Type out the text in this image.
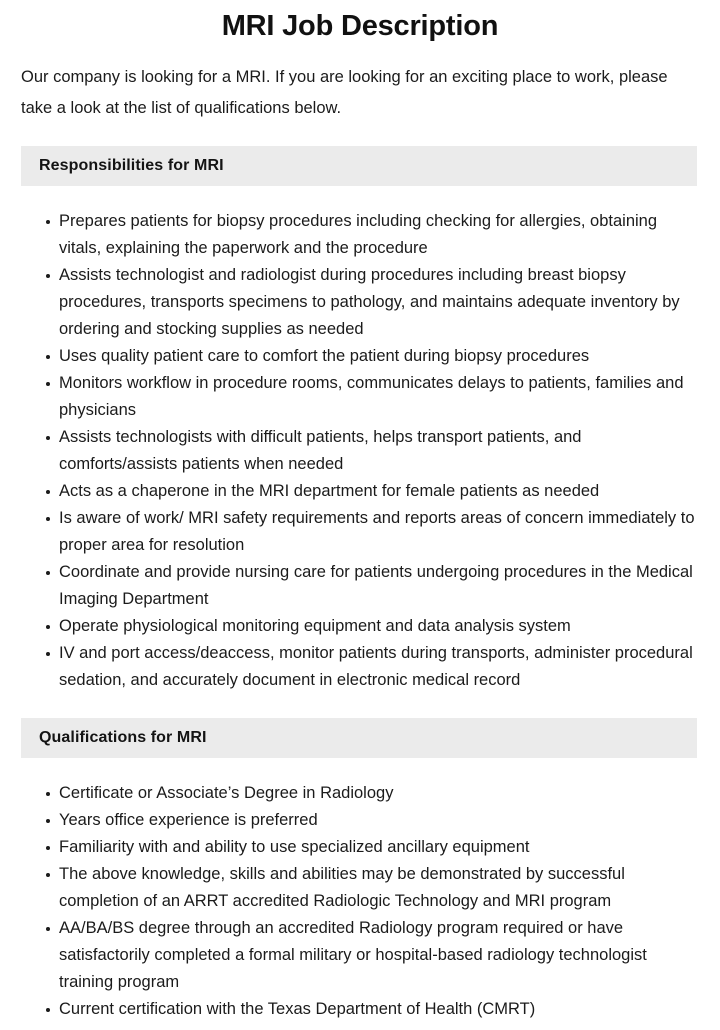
MRI Job Description

Our company is looking for a MRI. If you are looking for an exciting place to work, please take a look at the list of qualifications below.

Responsibilities for MRI
Prepares patients for biopsy procedures including checking for allergies, obtaining vitals, explaining the paperwork and the procedure
Assists technologist and radiologist during procedures including breast biopsy procedures, transports specimens to pathology, and maintains adequate inventory by ordering and stocking supplies as needed
Uses quality patient care to comfort the patient during biopsy procedures
Monitors workflow in procedure rooms, communicates delays to patients, families and physicians
Assists technologists with difficult patients, helps transport patients, and comforts/assists patients when needed
Acts as a chaperone in the MRI department for female patients as needed
Is aware of work/ MRI safety requirements and reports areas of concern immediately to proper area for resolution
Coordinate and provide nursing care for patients undergoing procedures in the Medical Imaging Department
Operate physiological monitoring equipment and data analysis system
IV and port access/deaccess, monitor patients during transports, administer procedural sedation, and accurately document in electronic medical record
Qualifications for MRI
Certificate or Associate’s Degree in Radiology
Years office experience is preferred
Familiarity with and ability to use specialized ancillary equipment
The above knowledge, skills and abilities may be demonstrated by successful completion of an ARRT accredited Radiologic Technology and MRI program
AA/BA/BS degree through an accredited Radiology program required or have satisfactorily completed a formal military or hospital-based radiology technologist training program
Current certification with the Texas Department of Health (CMRT)
